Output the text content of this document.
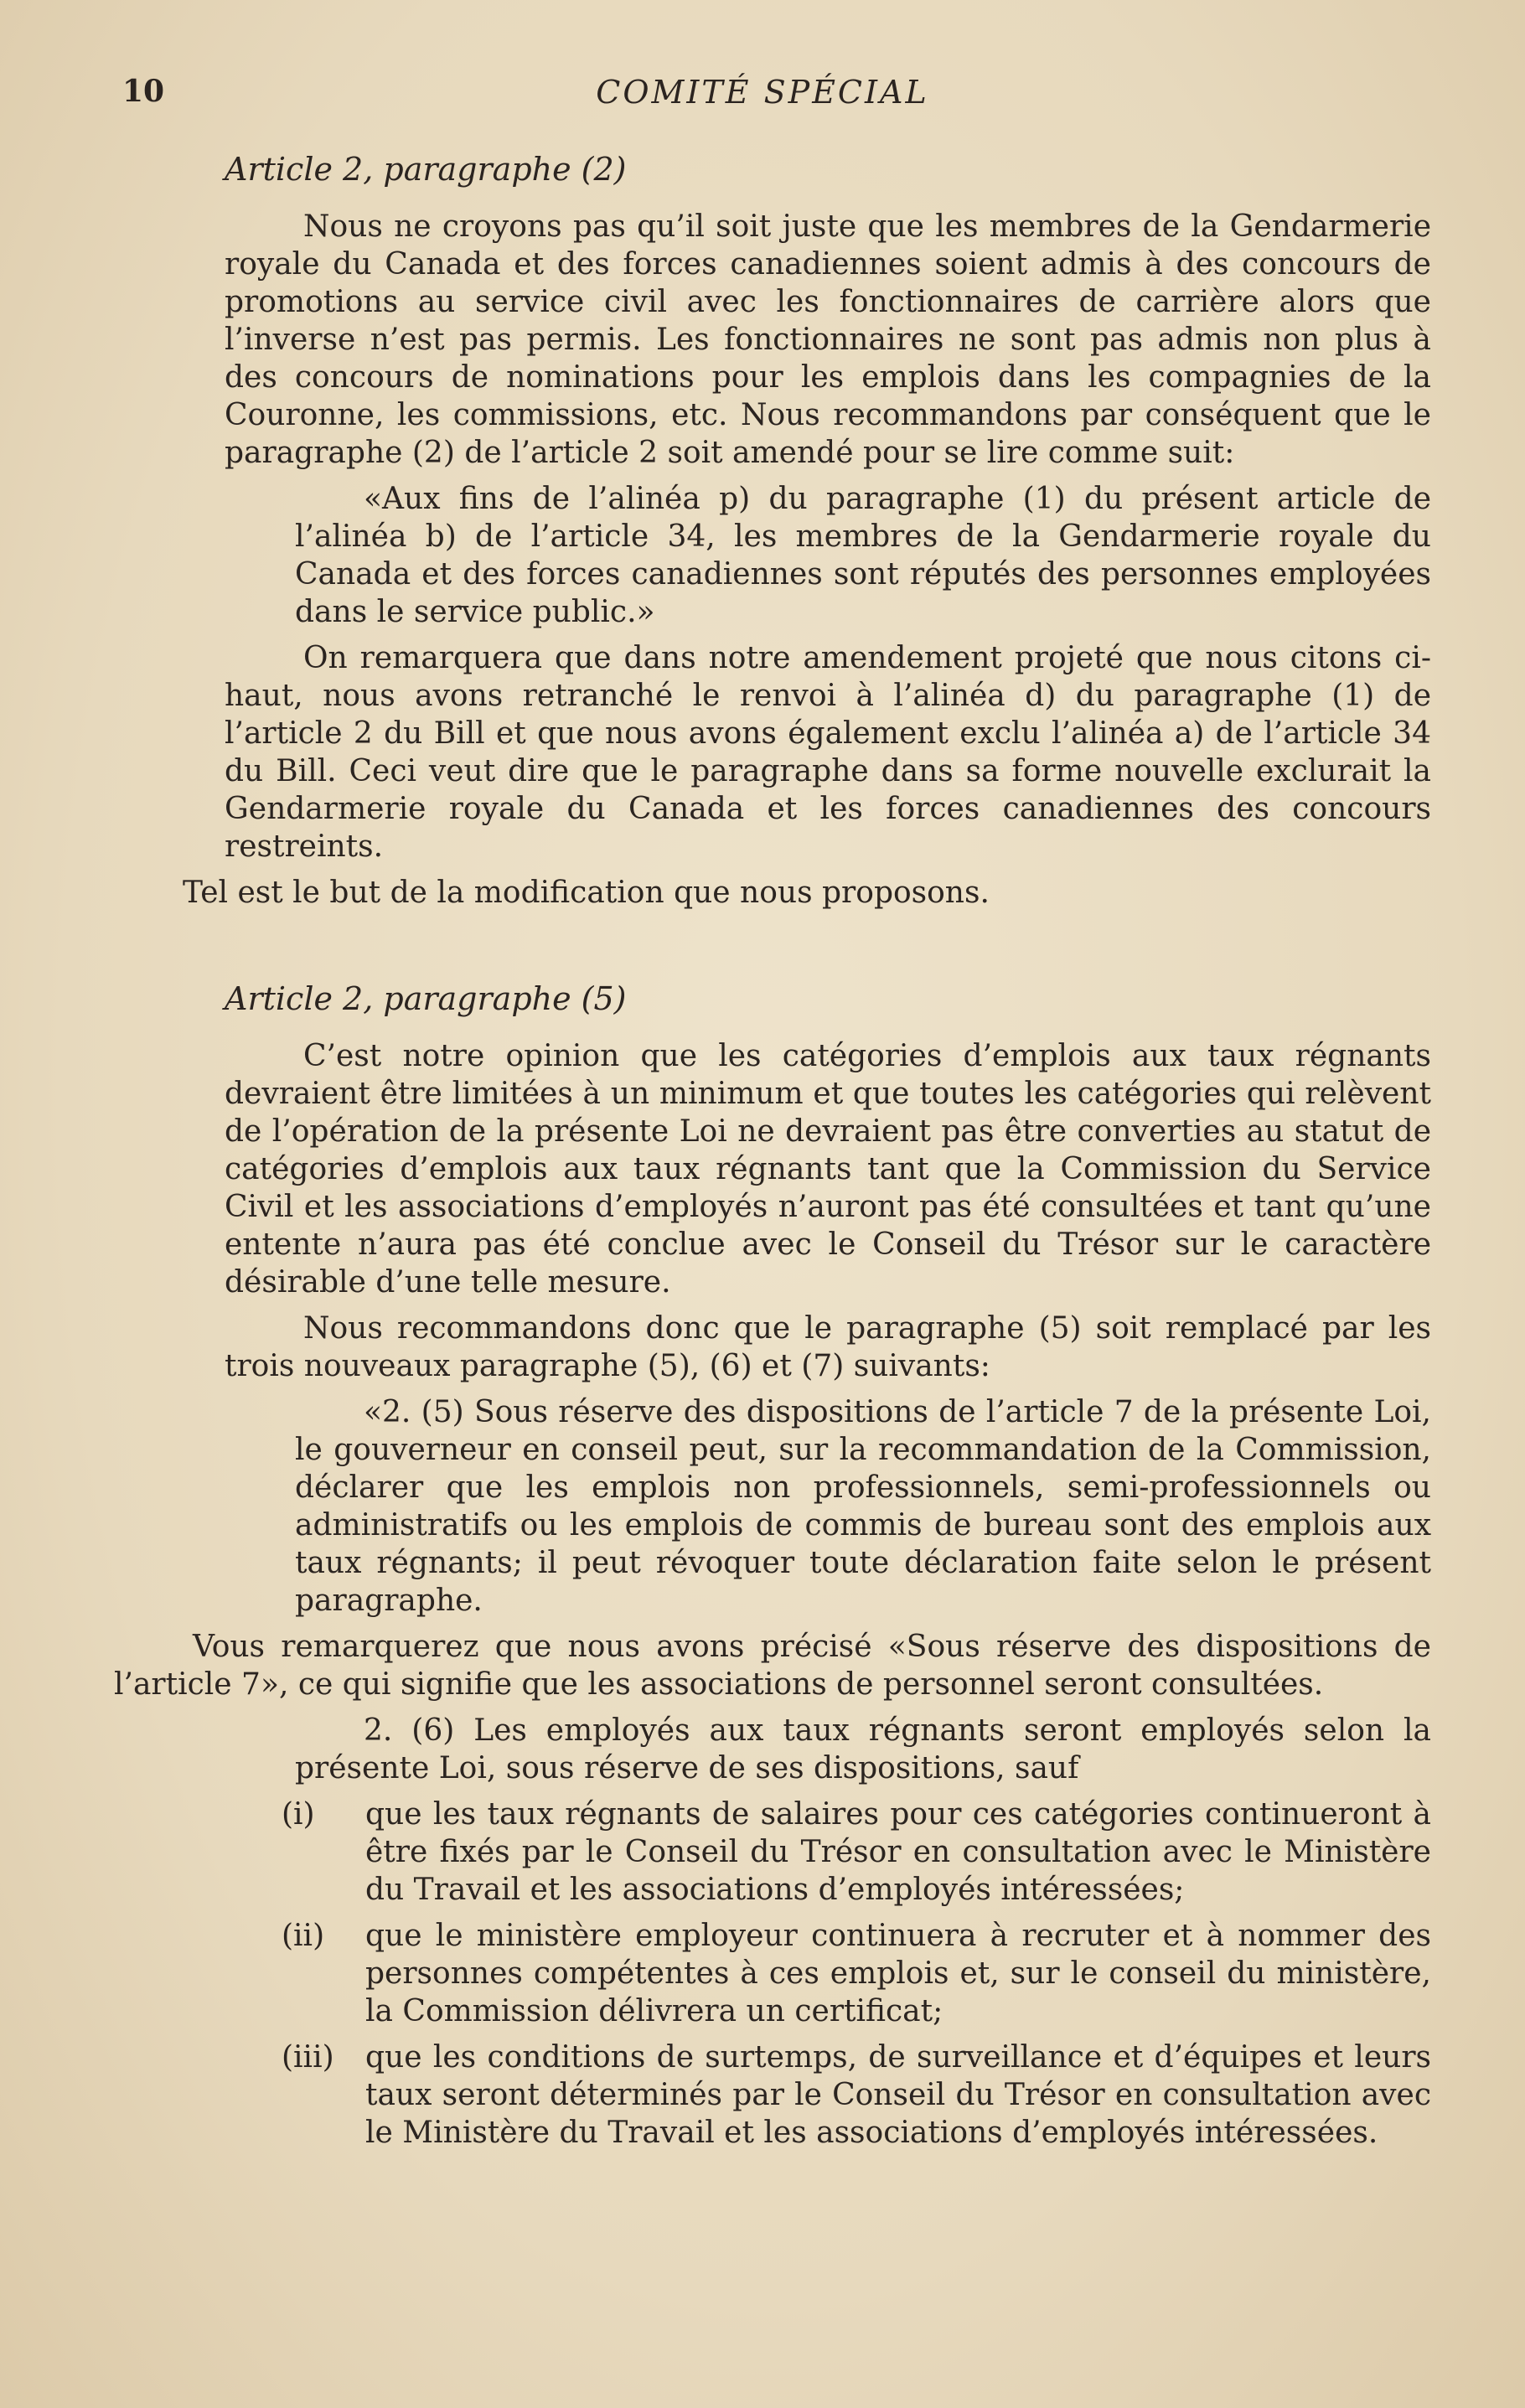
10	COMITÉ SPÉCIAL
Article 2, paragraphe (2)

Nous ne croyons pas qu’il soit juste que les membres de la Gendarmerie royale du Canada et des forces canadiennes soient admis à des concours de promotions au service civil avec les fonctionnaires de carrière alors que l’inverse n’est pas permis. Les fonctionnaires ne sont pas admis non plus à des concours de nominations pour les emplois dans les compagnies de la Couronne, les commissions, etc. Nous recommandons par conséquent que le paragraphe (2) de l’article 2 soit amendé pour se lire comme suit:

«Aux fins de l’alinéa p) du paragraphe (1) du présent article de l’alinéa b) de l’article 34, les membres de la Gendarmerie royale du Canada et des forces canadiennes sont réputés des personnes employées dans le service public.»

On remarquera que dans notre amendement projeté que nous citons ci-haut, nous avons retranché le renvoi à l’alinéa d) du paragraphe (1) de l’article 2 du Bill et que nous avons également exclu l’alinéa a) de l’article 34 du Bill. Ceci veut dire que le paragraphe dans sa forme nouvelle exclurait la Gendarmerie royale du Canada et les forces canadiennes des concours restreints.

Tel est le but de la modification que nous proposons.

Article 2, paragraphe (5)

C’est notre opinion que les catégories d’emplois aux taux régnants devraient être limitées à un minimum et que toutes les catégories qui relèvent de l’opération de la présente Loi ne devraient pas être converties au statut de catégories d’emplois aux taux régnants tant que la Commission du Service Civil et les associations d’employés n’auront pas été consultées et tant qu’une entente n’aura pas été conclue avec le Conseil du Trésor sur le caractère désirable d’une telle mesure.

Nous recommandons donc que le paragraphe (5) soit remplacé par les trois nouveaux paragraphe (5), (6) et (7) suivants:

«2. (5) Sous réserve des dispositions de l’article 7 de la présente Loi, le gouverneur en conseil peut, sur la recommandation de la Commission, déclarer que les emplois non professionnels, semi-professionnels ou administratifs ou les emplois de commis de bureau sont des emplois aux taux régnants; il peut révoquer toute déclaration faite selon le présent paragraphe.

Vous remarquerez que nous avons précisé «Sous réserve des dispositions de l’article 7», ce qui signifie que les associations de personnel seront consultées.

2. (6) Les employés aux taux régnants seront employés selon la présente Loi, sous réserve de ses dispositions, sauf

(i)	que les taux régnants de salaires pour ces catégories continueront à être fixés par le Conseil du Trésor en consultation avec le Ministère du Travail et les associations d’employés intéressées;
(ii)	que le ministère employeur continuera à recruter et à nommer des personnes compétentes à ces emplois et, sur le conseil du ministère, la Commission délivrera un certificat;
(iii)	que les conditions de surtemps, de surveillance et d’équipes et leurs taux seront déterminés par le Conseil du Trésor en consultation avec le Ministère du Travail et les associations d’employés intéressées.
